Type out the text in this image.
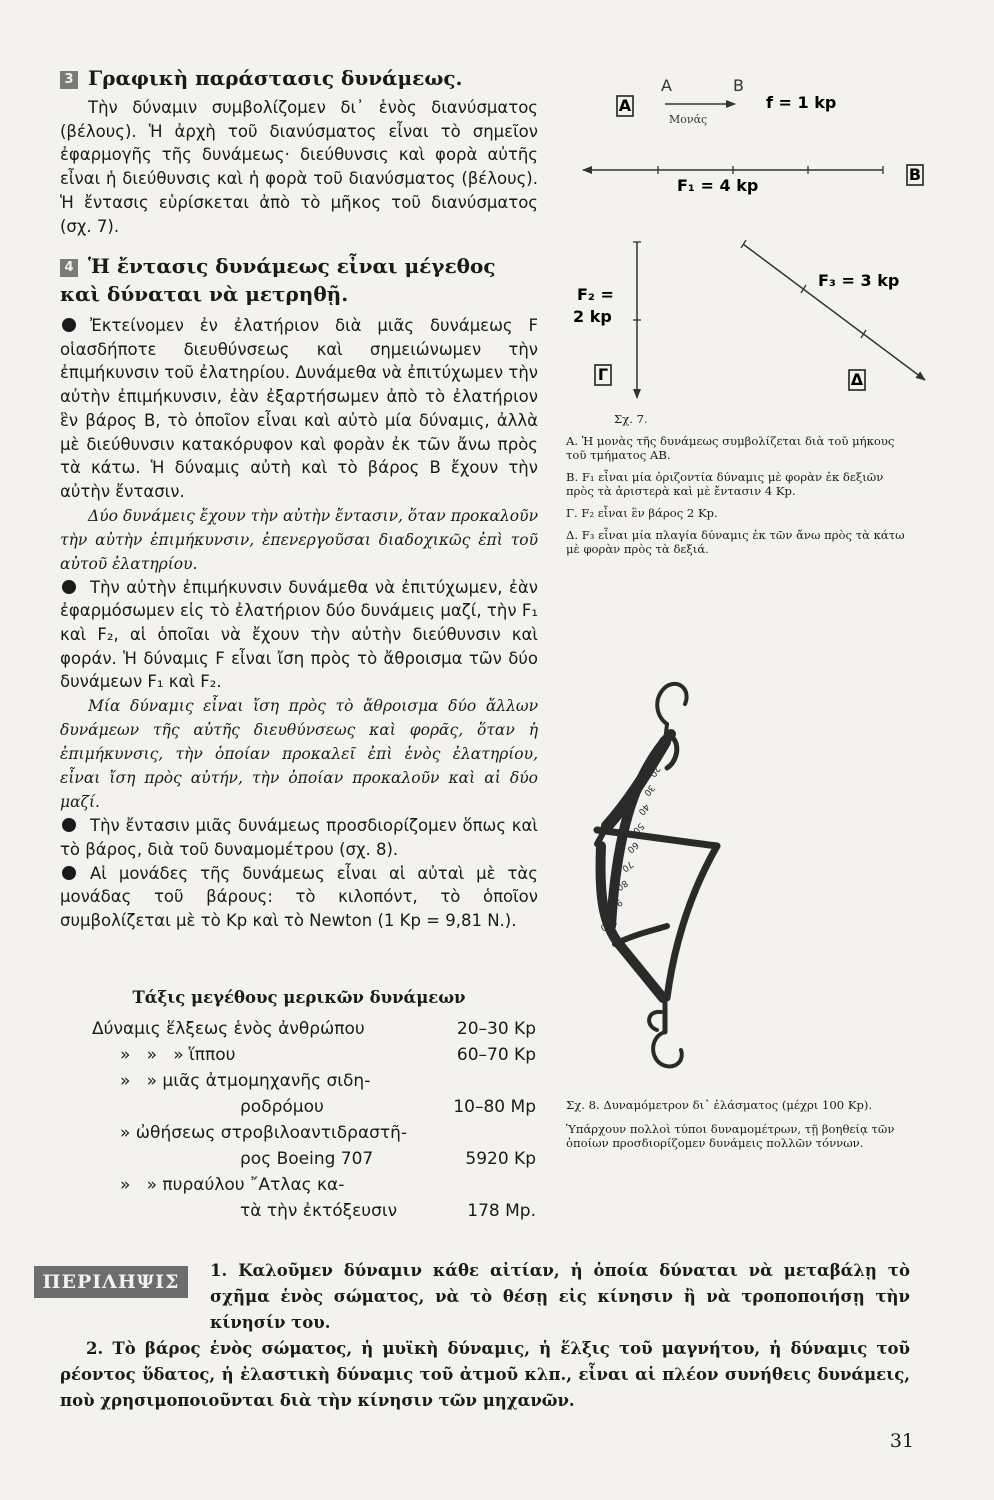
3 Γραφικὴ παράστασις δυνάμεως.
Τὴν δύναμιν συμβολίζομεν δι᾽ ἑνὸς διανύσματος (βέλους). Ἡ ἀρχὴ τοῦ διανύσματος εἶναι τὸ σημεῖον ἐφαρμογῆς τῆς δυνάμεως· διεύθυνσις καὶ φορὰ αὐτῆς εἶναι ἡ διεύθυνσις καὶ ἡ φορὰ τοῦ διανύσματος (βέλους). Ἡ ἔντασις εὑρίσκεται ἀπὸ τὸ μῆκος τοῦ διανύσματος (σχ. 7).
4 Ἡ ἔντασις δυνάμεως εἶναι μέγεθος καὶ δύναται νὰ μετρηθῇ.

Ἐκτείνομεν ἐν ἐλατήριον διὰ μιᾶς δυνάμεως F οἱασδήποτε διευθύνσεως καὶ σημειώνωμεν τὴν ἐπιμήκυνσιν τοῦ ἐλατηρίου. Δυνάμεθα νὰ ἐπιτύχωμεν τὴν αὐτὴν ἐπιμήκυνσιν, ἐὰν ἐξαρτήσωμεν ἀπὸ τὸ ἐλατήριον ἓν βάρος Β, τὸ ὁποῖον εἶναι καὶ αὐτὸ μία δύναμις, ἀλλὰ μὲ διεύθυνσιν κατακόρυφον καὶ φορὰν ἐκ τῶν ἄνω πρὸς τὰ κάτω. Ἡ δύναμις αὐτὴ καὶ τὸ βάρος Β ἔχουν τὴν αὐτὴν ἔντασιν.

Δύο δυνάμεις ἔχουν τὴν αὐτὴν ἔντασιν, ὅταν προκαλοῦν τὴν αὐτὴν ἐπιμήκυνσιν, ἐπενεργοῦσαι διαδοχικῶς ἐπὶ τοῦ αὐτοῦ ἐλατηρίου.

Τὴν αὐτὴν ἐπιμήκυνσιν δυνάμεθα νὰ ἐπιτύχωμεν, ἐὰν ἐφαρμόσωμεν εἰς τὸ ἐλατήριον δύο δυνάμεις μαζί, τὴν F₁ καὶ F₂, αἱ ὁποῖαι νὰ ἔχουν τὴν αὐτὴν διεύθυνσιν καὶ φοράν. Ἡ δύναμις F εἶναι ἴση πρὸς τὸ ἄθροισμα τῶν δύο δυνάμεων F₁ καὶ F₂.

Μία δύναμις εἶναι ἴση πρὸς τὸ ἄθροισμα δύο ἄλλων δυνάμεων τῆς αὐτῆς διευθύνσεως καὶ φορᾶς, ὅταν ἡ ἐπιμήκυνσις, τὴν ὁποίαν προκαλεῖ ἐπὶ ἑνὸς ἐλατηρίου, εἶναι ἴση πρὸς αὐτήν, τὴν ὁποίαν προκαλοῦν καὶ αἱ δύο μαζί.

Τὴν ἔντασιν μιᾶς δυνάμεως προσδιορίζομεν ὅπως καὶ τὸ βάρος, διὰ τοῦ δυναμομέτρου (σχ. 8).

Αἱ μονάδες τῆς δυνάμεως εἶναι αἱ αὐταὶ μὲ τὰς μονάδας τοῦ βάρους: τὸ κιλοπόντ, τὸ ὁποῖον συμβολίζεται μὲ τὸ Kp καὶ τὸ Newton (1 Kp = 9,81 N.).

Τάξις μεγέθους μερικῶν δυνάμεων
Δύναμις ἕλξεως ἑνὸς ἀνθρώπου	20–30 Kp
»   »   » ἵππου	60–70 Kp
»   » μιᾶς ἀτμομηχανῆς σιδη-
ροδρόμου	10–80 Mp
» ὠθήσεως στροβιλοαντιδραστῆ-
ρος Boeing 707	5920 Kp
»   » πυραύλου ῎Ατλας κα-
τὰ τὴν ἐκτόξευσιν	178 Mp.
Α
A	B
Μονάς
f = 1 kp
F₁ = 4 kp
Β
F₂ =
2 kp
Γ
F₃ = 3 kp
Δ

Σχ. 7.

Α. Ἡ μονὰς τῆς δυνάμεως συμβολίζεται διὰ τοῦ μήκους τοῦ τμήματος ΑΒ.

Β. F₁ εἶναι μία ὁριζοντία δύναμις μὲ φορὰν ἐκ δεξιῶν πρὸς τὰ ἀριστερὰ καὶ μὲ ἔντασιν 4 Kp.

Γ. F₂ εἶναι ἓν βάρος 2 Kp.

Δ. F₃ εἶναι μία πλαγία δύναμις ἐκ τῶν ἄνω πρὸς τὰ κάτω μὲ φορὰν πρὸς τὰ δεξιά.

10
20
30
40
50
60
70
80
90
100

Σχ. 8. Δυναμόμετρον δι᾽ ἐλάσματος (μέχρι 100 Kp).

Ὑπάρχουν πολλοὶ τύποι δυναμομέτρων, τῇ βοηθείᾳ τῶν ὁποίων προσδιορίζομεν δυνάμεις πολλῶν τόννων.

ΠΕΡΙΛΗΨΙΣ

1. Καλοῦμεν δύναμιν κάθε αἰτίαν, ἡ ὁποία δύναται νὰ μεταβάλῃ τὸ σχῆμα ἑνὸς σώματος, νὰ τὸ θέσῃ εἰς κίνησιν ἢ νὰ τροποποιήσῃ τὴν κίνησίν του.

2. Τὸ βάρος ἑνὸς σώματος, ἡ μυϊκὴ δύναμις, ἡ ἕλξις τοῦ μαγνήτου, ἡ δύναμις τοῦ ρέοντος ὕδατος, ἡ ἐλαστικὴ δύναμις τοῦ ἀτμοῦ κλπ., εἶναι αἱ πλέον συνήθεις δυνάμεις, ποὺ χρησιμοποιοῦνται διὰ τὴν κίνησιν τῶν μηχανῶν.

31
